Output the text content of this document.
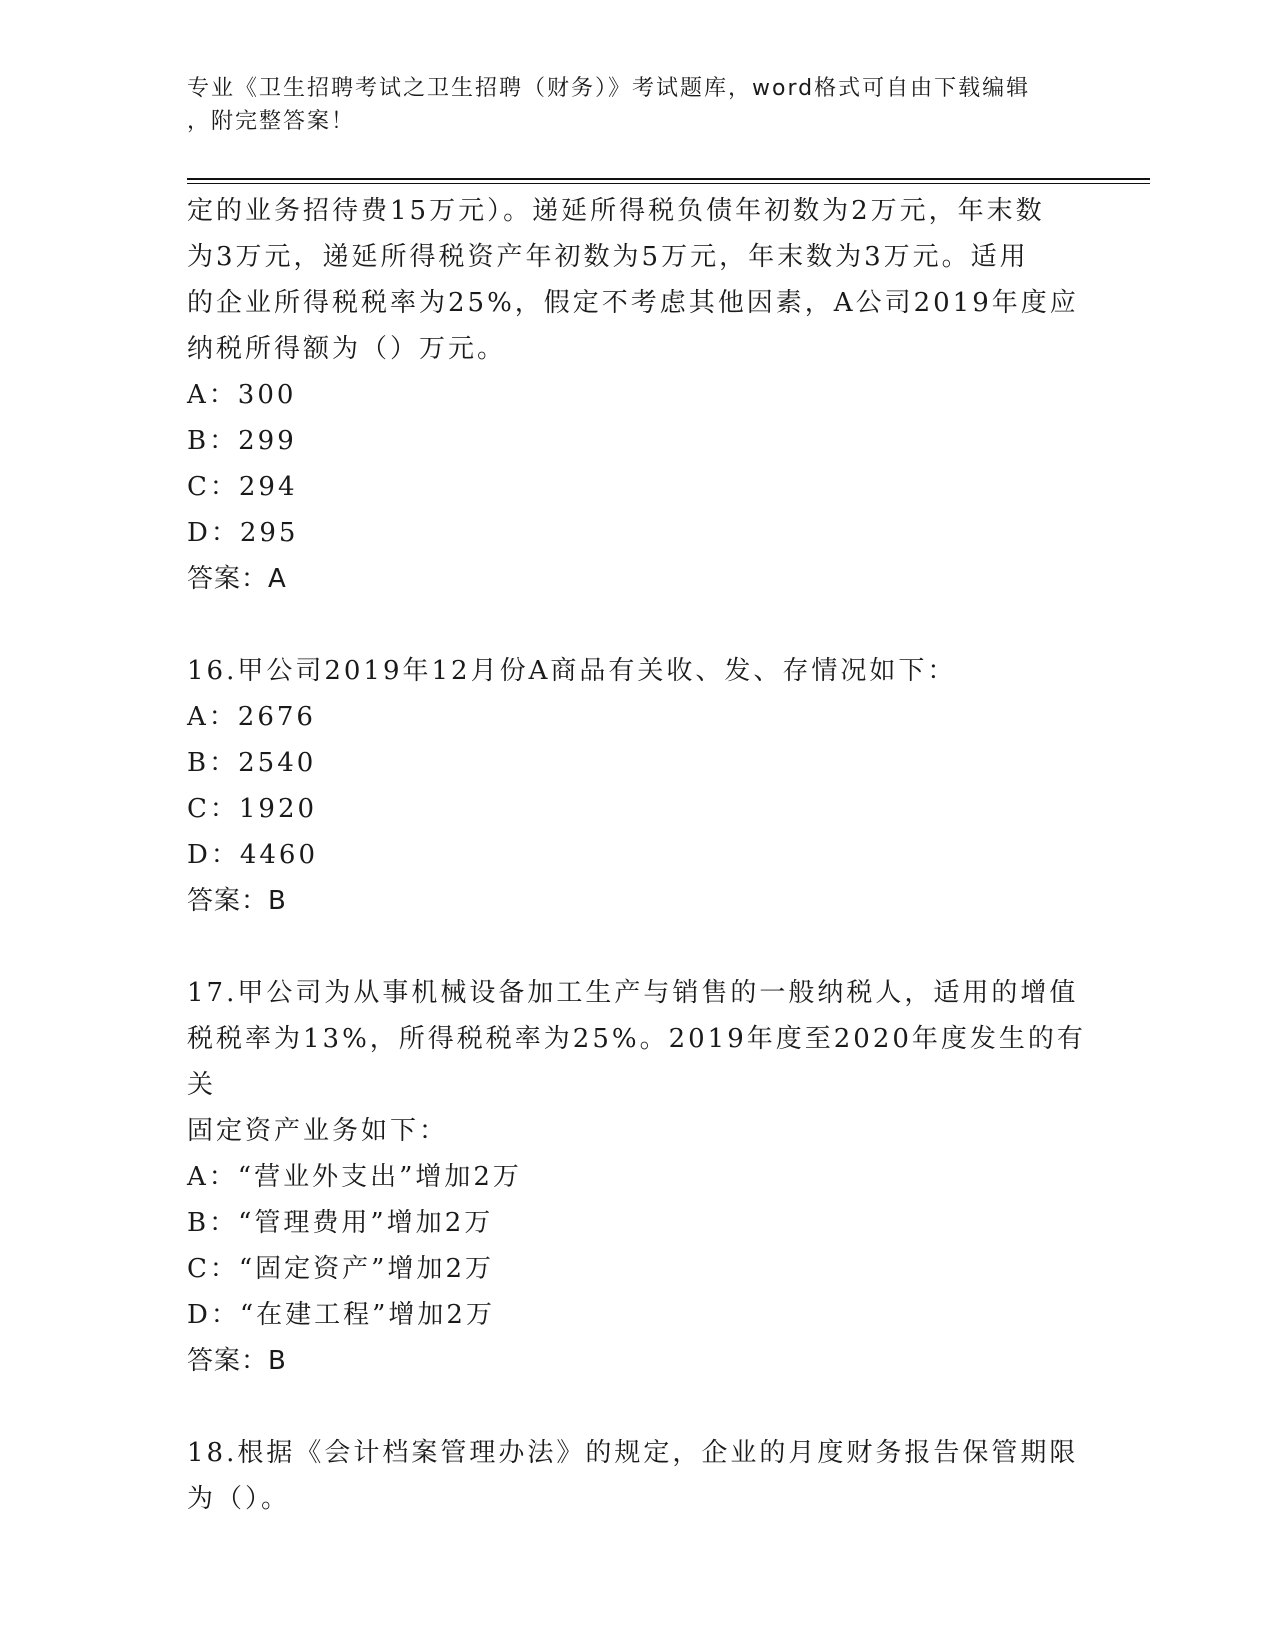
专业《卫生招聘考试之卫生招聘（财务）》考试题库，word格式可自由下载编辑
，附完整答案！

定的业务招待费15万元）。递延所得税负债年初数为2万元，年末数

为3万元，递延所得税资产年初数为5万元，年末数为3万元。适用

的企业所得税税率为25%，假定不考虑其他因素，A公司2019年度应

纳税所得额为（）万元。

A：300

B：299

C：294

D：295

答案：A

16.甲公司2019年12月份A商品有关收、发、存情况如下：

A：2676

B：2540

C：1920

D：4460

答案：B

17.甲公司为从事机械设备加工生产与销售的一般纳税人，适用的增值

税税率为13%，所得税税率为25%。2019年度至2020年度发生的有关

固定资产业务如下：

A：“营业外支出”增加2万

B：“管理费用”增加2万

C：“固定资产”增加2万

D：“在建工程”增加2万

答案：B

18.根据《会计档案管理办法》的规定，企业的月度财务报告保管期限

为（）。
